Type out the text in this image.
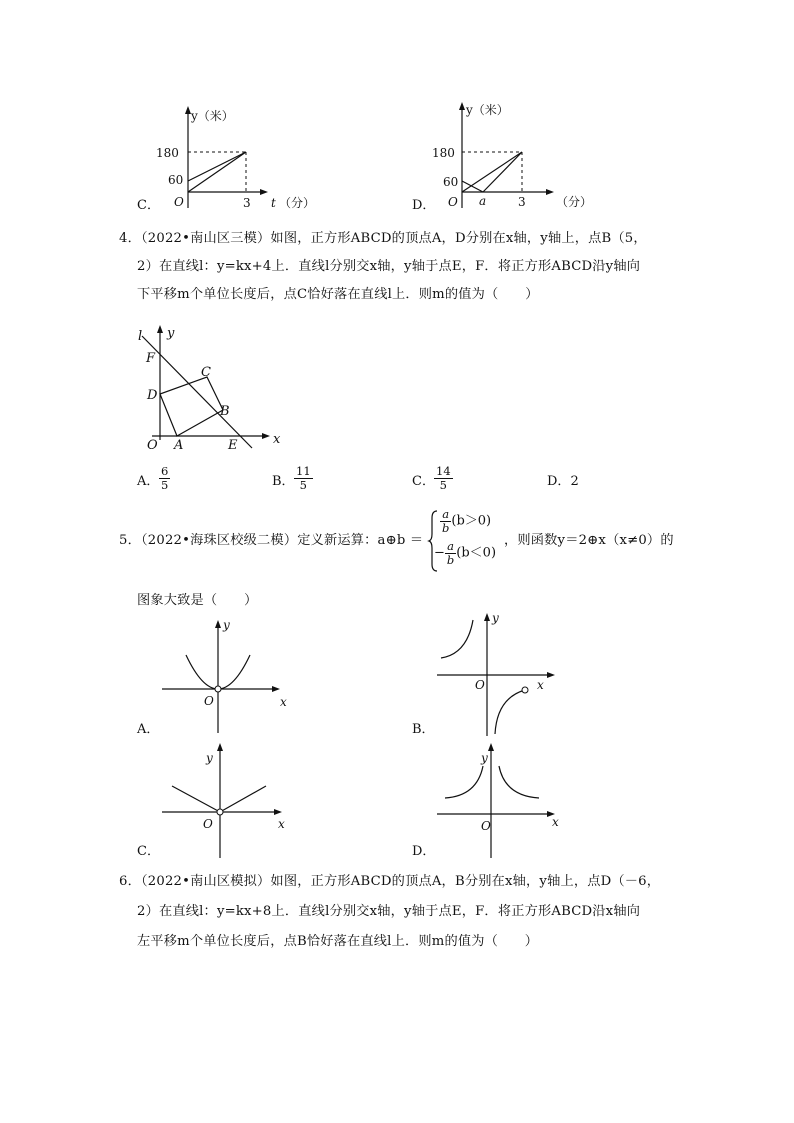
C．
y（米）
180
60
O	3 t （分）	D．
y（米）
180
60
O a	3	（分）
4．（2022•南山区三模）如图，正方形ABCD的顶点A，D分别在x轴，y轴上，点B（5，
2）在直线l：y=kx+4上．直线l分别交x轴，y轴于点E，F．将正方形ABCD沿y轴向
下平移m个单位长度后，点C恰好落在直线l上．则m的值为（　　）
l y
x
F
C
D
B
O A	E
A． $\frac{6}{5}$	B． $\frac{11}{5}$	C． $\frac{14}{5}$	D．2
5．（2022•海珠区校级二模）定义新运算：a⊕b ＝
$\frac{a}{b} (b>0)$
− $\frac{a}{b} (b<0)$
，则函数y＝2⊕x（x≠0）的
图象大致是（　　）
y
x
O
A．
y
x
O
B．
y
x
O
C．
y
x
O
D．
6．（2022•南山区模拟）如图，正方形ABCD的顶点A，B分别在x轴，y轴上，点D（－6，
2）在直线l：y=kx+8上．直线l分别交x轴，y轴于点E，F．将正方形ABCD沿x轴向
左平移m个单位长度后，点B恰好落在直线l上．则m的值为（　　）
